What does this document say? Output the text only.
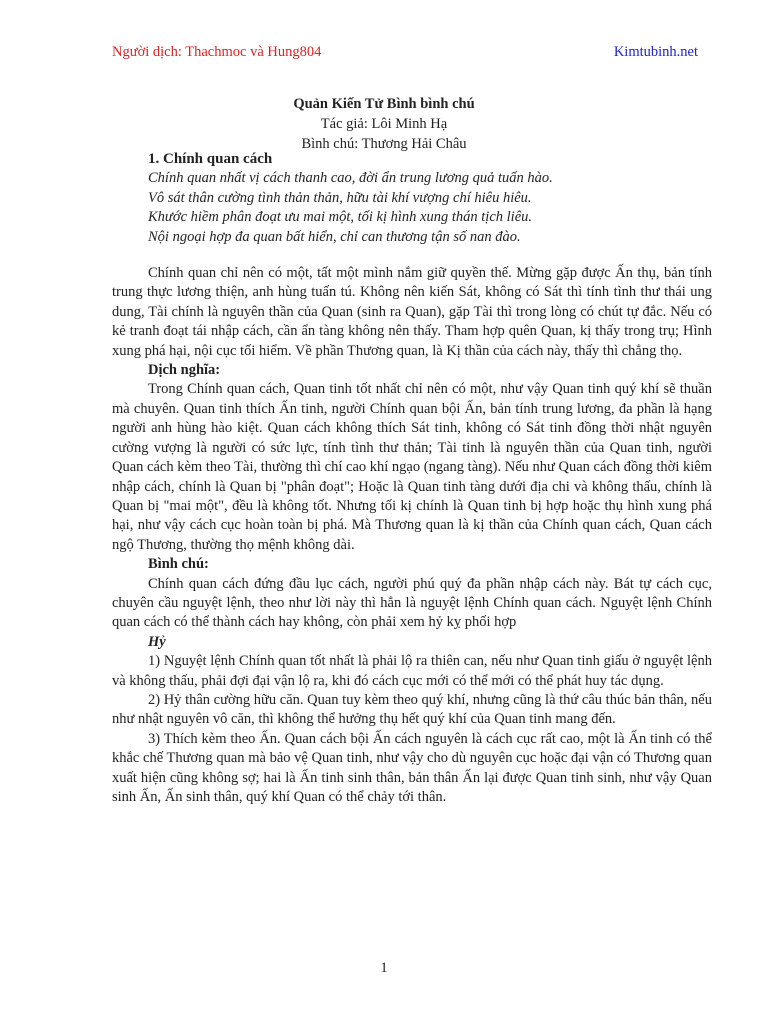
Người dịch: Thachmoc và Hung804	Kimtubinh.net
Quản Kiến Tử Bình bình chú
Tác giả: Lôi Minh Hạ
Bình chú: Thương Hải Châu
1. Chính quan cách
Chính quan nhất vị cách thanh cao, đời ẩn trung lương quả tuấn hào.
Vô sát thân cường tình thản thản, hữu tài khí vượng chí hiêu hiêu.
Khước hiềm phân đoạt ưu mai một, tối kị hình xung thán tịch liêu.
Nội ngoại hợp đa quan bất hiển, chỉ can thương tận số nan đào.

Chính quan chỉ nên có một, tất một mình nắm giữ quyền thế. Mừng gặp được Ấn thụ, bản tính trung thực lương thiện, anh hùng tuấn tú. Không nên kiến Sát, không có Sát thì tính tình thư thái ung dung, Tài chính là nguyên thần của Quan (sinh ra Quan), gặp Tài thì trong lòng có chút tự đắc. Nếu có kẻ tranh đoạt tái nhập cách, cần ẩn tàng không nên thấy. Tham hợp quên Quan, kị thấy trong trụ; Hình xung phá hại, nội cục tối hiểm. Về phần Thương quan, là Kị thần của cách này, thấy thì chẳng thọ.

Dịch nghĩa:

Trong Chính quan cách, Quan tinh tốt nhất chỉ nên có một, như vậy Quan tinh quý khí sẽ thuần mà chuyên. Quan tinh thích Ấn tinh, người Chính quan bội Ấn, bản tính trung lương, đa phần là hạng người anh hùng hào kiệt. Quan cách không thích Sát tinh, không có Sát tinh đồng thời nhật nguyên cường vượng là người có sức lực, tính tình thư thản; Tài tinh là nguyên thần của Quan tinh, người Quan cách kèm theo Tài, thường thì chí cao khí ngạo (ngang tàng). Nếu như Quan cách đồng thời kiêm nhập cách, chính là Quan bị "phân đoạt"; Hoặc là Quan tinh tàng dưới địa chi và không thấu, chính là Quan bị "mai một", đều là không tốt. Nhưng tối kị chính là Quan tinh bị hợp hoặc thụ hình xung phá hại, như vậy cách cục hoàn toàn bị phá. Mà Thương quan là kị thần của Chính quan cách, Quan cách ngộ Thương, thường thọ mệnh không dài.

Bình chú:

Chính quan cách đứng đầu lục cách, người phú quý đa phần nhập cách này. Bát tự cách cục, chuyên cầu nguyệt lệnh, theo như lời này thì hẳn là nguyệt lệnh Chính quan cách. Nguyệt lệnh Chính quan cách có thể thành cách hay không, còn phải xem hỷ kỵ phối hợp

Hỷ

1) Nguyệt lệnh Chính quan tốt nhất là phải lộ ra thiên can, nếu như Quan tinh giấu ở nguyệt lệnh và không thấu, phải đợi đại vận lộ ra, khi đó cách cục mới có thể mới có thể phát huy tác dụng.

2) Hỷ thân cường hữu căn. Quan tuy kèm theo quý khí, nhưng cũng là thứ câu thúc bản thân, nếu như nhật nguyên vô căn, thì không thể hưởng thụ hết quý khí của Quan tinh mang đến.

3) Thích kèm theo Ấn. Quan cách bội Ấn cách nguyên là cách cục rất cao, một là Ấn tinh có thể khắc chế Thương quan mà bảo vệ Quan tinh, như vậy cho dù nguyên cục hoặc đại vận có Thương quan xuất hiện cũng không sợ; hai là Ấn tinh sinh thân, bản thân Ấn lại được Quan tinh sinh, như vậy Quan sinh Ấn, Ấn sinh thân, quý khí Quan có thể chảy tới thân.

1
